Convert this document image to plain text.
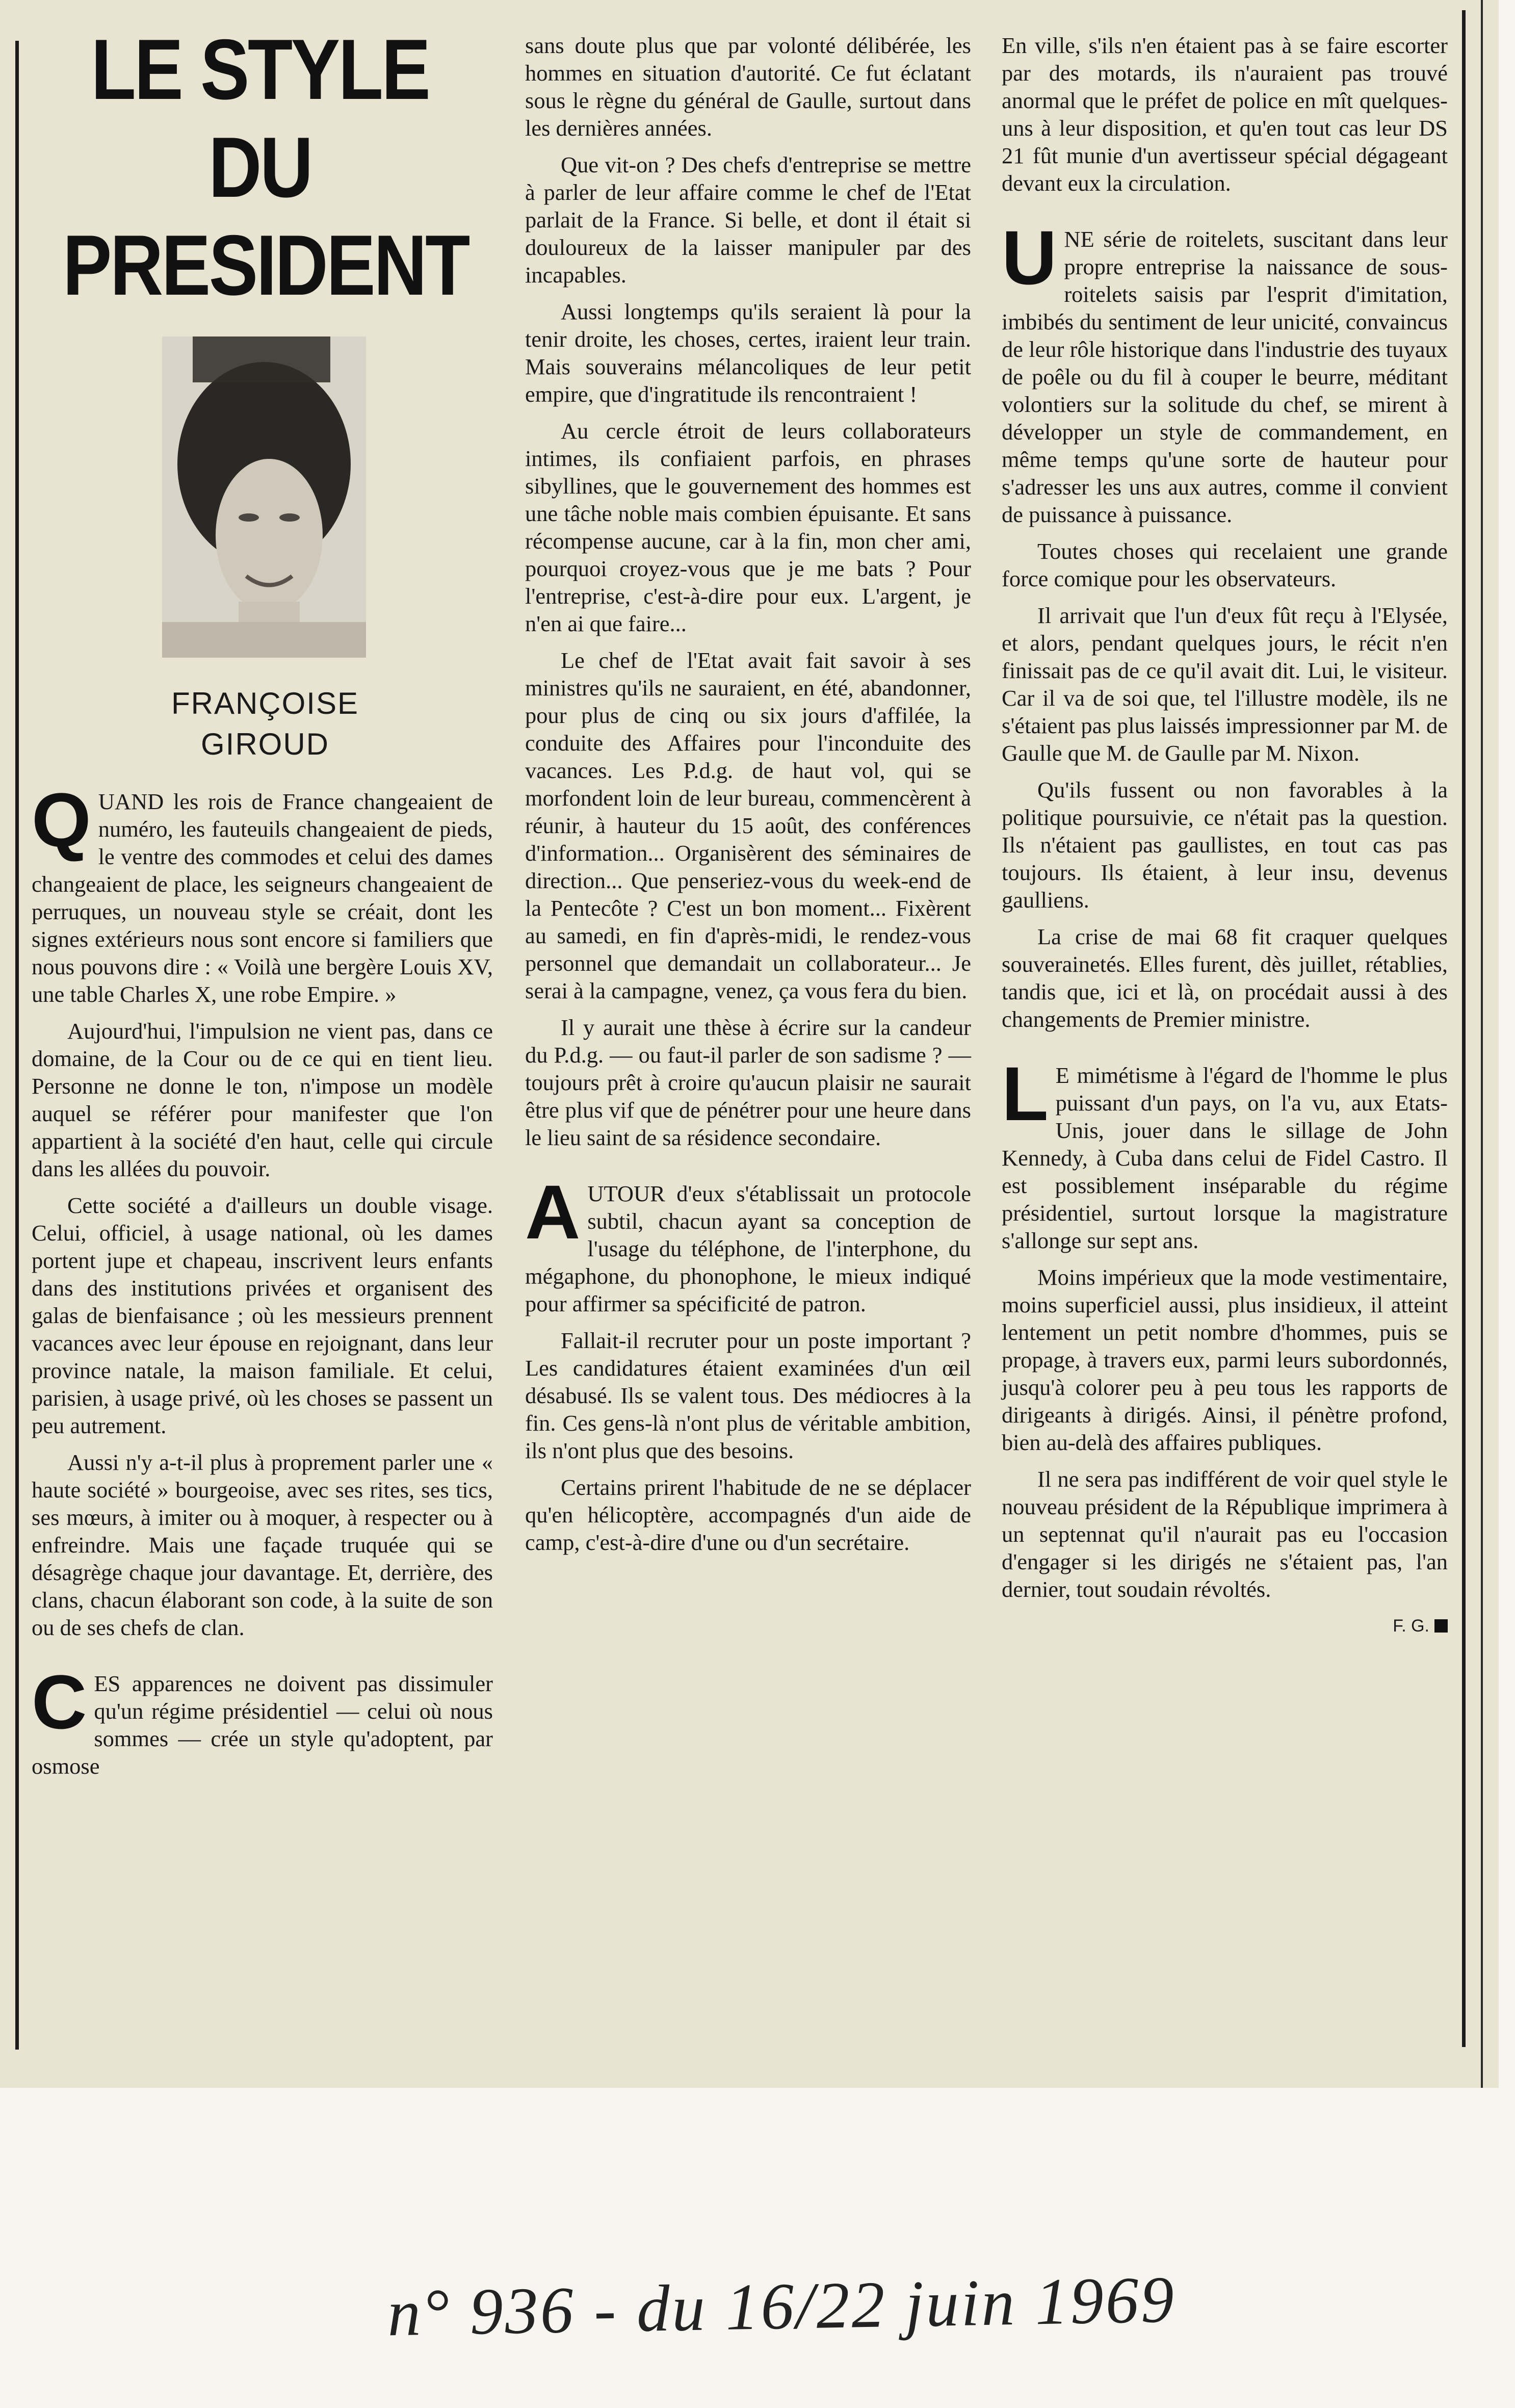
LE STYLE DU PRESIDENT
FRANÇOISE GIROUD

QUAND les rois de France changeaient de numéro, les fauteuils changeaient de pieds, le ventre des commodes et celui des dames changeaient de place, les seigneurs changeaient de perruques, un nouveau style se créait, dont les signes extérieurs nous sont encore si familiers que nous pouvons dire : « Voilà une bergère Louis XV, une table Charles X, une robe Empire. »

Aujourd'hui, l'impulsion ne vient pas, dans ce domaine, de la Cour ou de ce qui en tient lieu. Personne ne donne le ton, n'impose un modèle auquel se référer pour manifester que l'on appartient à la société d'en haut, celle qui circule dans les allées du pouvoir.

Cette société a d'ailleurs un double visage. Celui, officiel, à usage national, où les dames portent jupe et chapeau, inscrivent leurs enfants dans des institutions privées et organisent des galas de bienfaisance ; où les messieurs prennent vacances avec leur épouse en rejoignant, dans leur province natale, la maison familiale. Et celui, parisien, à usage privé, où les choses se passent un peu autrement.

Aussi n'y a-t-il plus à proprement parler une « haute société » bourgeoise, avec ses rites, ses tics, ses mœurs, à imiter ou à moquer, à respecter ou à enfreindre. Mais une façade truquée qui se désagrège chaque jour davantage. Et, derrière, des clans, chacun élaborant son code, à la suite de son ou de ses chefs de clan.

CES apparences ne doivent pas dissimuler qu'un régime présidentiel — celui où nous sommes — crée un style qu'adoptent, par osmose

sans doute plus que par volonté délibérée, les hommes en situation d'autorité. Ce fut éclatant sous le règne du général de Gaulle, surtout dans les dernières années.

Que vit-on ? Des chefs d'entreprise se mettre à parler de leur affaire comme le chef de l'Etat parlait de la France. Si belle, et dont il était si douloureux de la laisser manipuler par des incapables.

Aussi longtemps qu'ils seraient là pour la tenir droite, les choses, certes, iraient leur train. Mais souverains mélancoliques de leur petit empire, que d'ingratitude ils rencontraient !

Au cercle étroit de leurs collaborateurs intimes, ils confiaient parfois, en phrases sibyllines, que le gouvernement des hommes est une tâche noble mais combien épuisante. Et sans récompense aucune, car à la fin, mon cher ami, pourquoi croyez-vous que je me bats ? Pour l'entreprise, c'est-à-dire pour eux. L'argent, je n'en ai que faire...

Le chef de l'Etat avait fait savoir à ses ministres qu'ils ne sauraient, en été, abandonner, pour plus de cinq ou six jours d'affilée, la conduite des Affaires pour l'inconduite des vacances. Les P.d.g. de haut vol, qui se morfondent loin de leur bureau, commencèrent à réunir, à hauteur du 15 août, des conférences d'information... Organisèrent des séminaires de direction... Que penseriez-vous du week-end de la Pentecôte ? C'est un bon moment... Fixèrent au samedi, en fin d'après-midi, le rendez-vous personnel que demandait un collaborateur... Je serai à la campagne, venez, ça vous fera du bien.

Il y aurait une thèse à écrire sur la candeur du P.d.g. — ou faut-il parler de son sadisme ? — toujours prêt à croire qu'aucun plaisir ne saurait être plus vif que de pénétrer pour une heure dans le lieu saint de sa résidence secondaire.

AUTOUR d'eux s'établissait un protocole subtil, chacun ayant sa conception de l'usage du téléphone, de l'interphone, du mégaphone, du phonophone, le mieux indiqué pour affirmer sa spécificité de patron.

Fallait-il recruter pour un poste important ? Les candidatures étaient examinées d'un œil désabusé. Ils se valent tous. Des médiocres à la fin. Ces gens-là n'ont plus de véritable ambition, ils n'ont plus que des besoins.

Certains prirent l'habitude de ne se déplacer qu'en hélicoptère, accompagnés d'un aide de camp, c'est-à-dire d'une ou d'un secrétaire.

En ville, s'ils n'en étaient pas à se faire escorter par des motards, ils n'auraient pas trouvé anormal que le préfet de police en mît quelques-uns à leur disposition, et qu'en tout cas leur DS 21 fût munie d'un avertisseur spécial dégageant devant eux la circulation.

UNE série de roitelets, suscitant dans leur propre entreprise la naissance de sous-roitelets saisis par l'esprit d'imitation, imbibés du sentiment de leur unicité, convaincus de leur rôle historique dans l'industrie des tuyaux de poêle ou du fil à couper le beurre, méditant volontiers sur la solitude du chef, se mirent à développer un style de commandement, en même temps qu'une sorte de hauteur pour s'adresser les uns aux autres, comme il convient de puissance à puissance.

Toutes choses qui recelaient une grande force comique pour les observateurs.

Il arrivait que l'un d'eux fût reçu à l'Elysée, et alors, pendant quelques jours, le récit n'en finissait pas de ce qu'il avait dit. Lui, le visiteur. Car il va de soi que, tel l'illustre modèle, ils ne s'étaient pas plus laissés impressionner par M. de Gaulle que M. de Gaulle par M. Nixon.

Qu'ils fussent ou non favorables à la politique poursuivie, ce n'était pas la question. Ils n'étaient pas gaullistes, en tout cas pas toujours. Ils étaient, à leur insu, devenus gaulliens.

La crise de mai 68 fit craquer quelques souverainetés. Elles furent, dès juillet, rétablies, tandis que, ici et là, on procédait aussi à des changements de Premier ministre.

L E mimétisme à l'égard de l'homme le plus puissant d'un pays, on l'a vu, aux Etats-Unis, jouer dans le sillage de John Kennedy, à Cuba dans celui de Fidel Castro. Il est possiblement inséparable du régime présidentiel, surtout lorsque la magistrature s'allonge sur sept ans.

Moins impérieux que la mode vestimentaire, moins superficiel aussi, plus insidieux, il atteint lentement un petit nombre d'hommes, puis se propage, à travers eux, parmi leurs subordonnés, jusqu'à colorer peu à peu tous les rapports de dirigeants à dirigés. Ainsi, il pénètre profond, bien au-delà des affaires publiques.

Il ne sera pas indifférent de voir quel style le nouveau président de la République imprimera à un septennat qu'il n'aurait pas eu l'occasion d'engager si les dirigés ne s'étaient pas, l'an dernier, tout soudain révoltés.

F. G.
n° 936 - du 16/22 juin 1969
